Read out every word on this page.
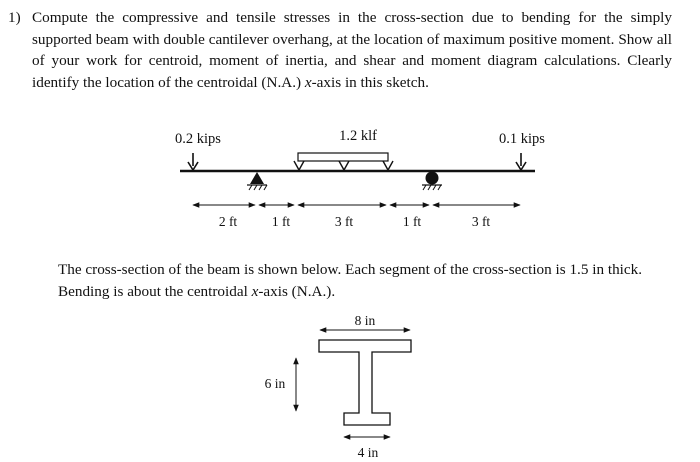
1) Compute the compressive and tensile stresses in the cross-section due to bending for the simply supported beam with double cantilever overhang, at the location of maximum positive moment. Show all of your work for centroid, moment of inertia, and shear and moment diagram calculations. Clearly identify the location of the centroidal (N.A.) x-axis in this sketch.
0.2 kips	1.2 klf	0.1 kips
2 ft	1 ft	3 ft	1 ft	3 ft
8 in
6 in
4 in
The cross-section of the beam is shown below. Each segment of the cross-section is 1.5 in thick. Bending is about the centroidal x-axis (N.A.).
